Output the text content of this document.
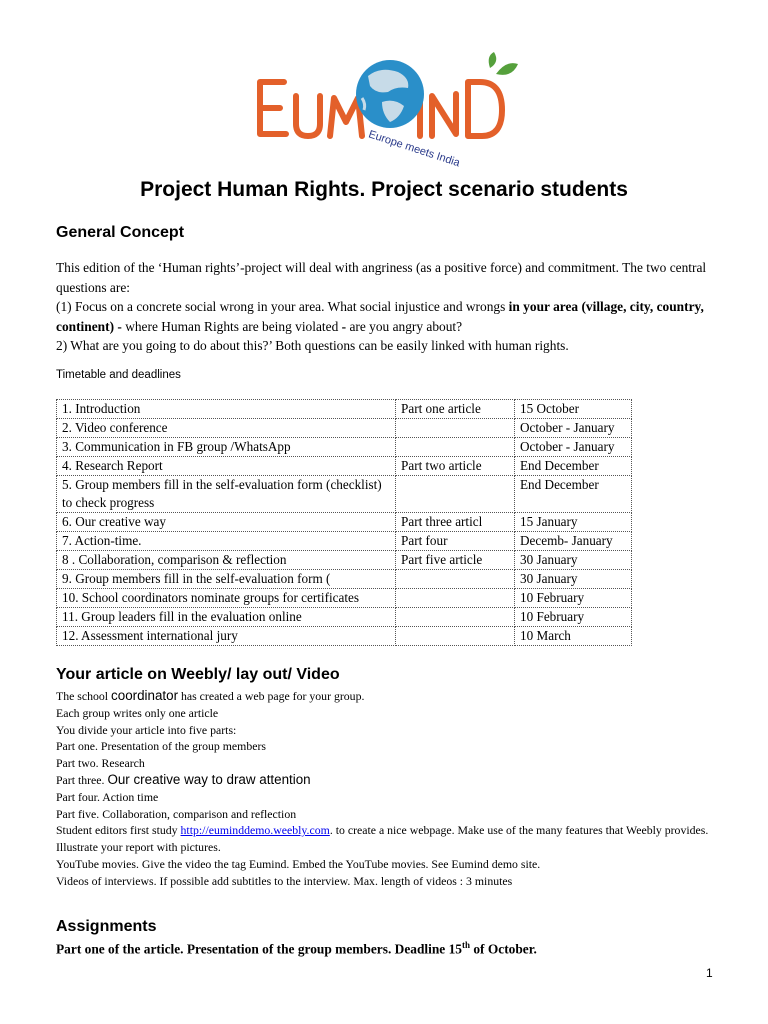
Europe meets India
Project Human Rights. Project scenario students
General Concept

This edition of the ‘Human rights’-project will deal with angriness (as a positive force) and commitment. The two central questions are:

(1) Focus on a concrete social wrong in your area. What social injustice and wrongs in your area (village, city, country, continent) - where Human Rights are being violated - are you angry about?

2) What are you going to do about this?’ Both questions can be easily linked with human rights.

Timetable and deadlines
1. Introduction	Part one article	15 October
2. Video conference		October - January
3. Communication in FB group /WhatsApp		October - January
4. Research Report	Part two article	End December
5. Group members fill in the self-evaluation form (checklist) to check progress		End December
6. Our creative way	Part three articl	15 January
7. Action-time.	Part four	Decemb- January
8 . Collaboration, comparison & reflection	Part five article	30 January
9. Group members fill in the self-evaluation form (		30 January
10. School coordinators nominate groups for certificates		10 February
11. Group leaders fill in the evaluation online		10 February
12. Assessment international jury		10 March
Your article on Weebly/ lay out/ Video
The school coordinator has created a web page for your group.
Each group writes only one article
You divide your article into five parts:
Part one. Presentation of the group members
Part two. Research
Part three. Our creative way to draw attention
Part four. Action time
Part five. Collaboration, comparison and reflection
Student editors first study http://euminddemo.weebly.com. to create a nice webpage. Make use of the many features that Weebly provides.
Illustrate your report with pictures.
YouTube movies. Give the video the tag Eumind. Embed the YouTube movies. See Eumind demo site.
Videos of interviews. If possible add subtitles to the interview. Max. length of videos : 3 minutes
Assignments
Part one of the article. Presentation of the group members. Deadline 15th of October.
1
